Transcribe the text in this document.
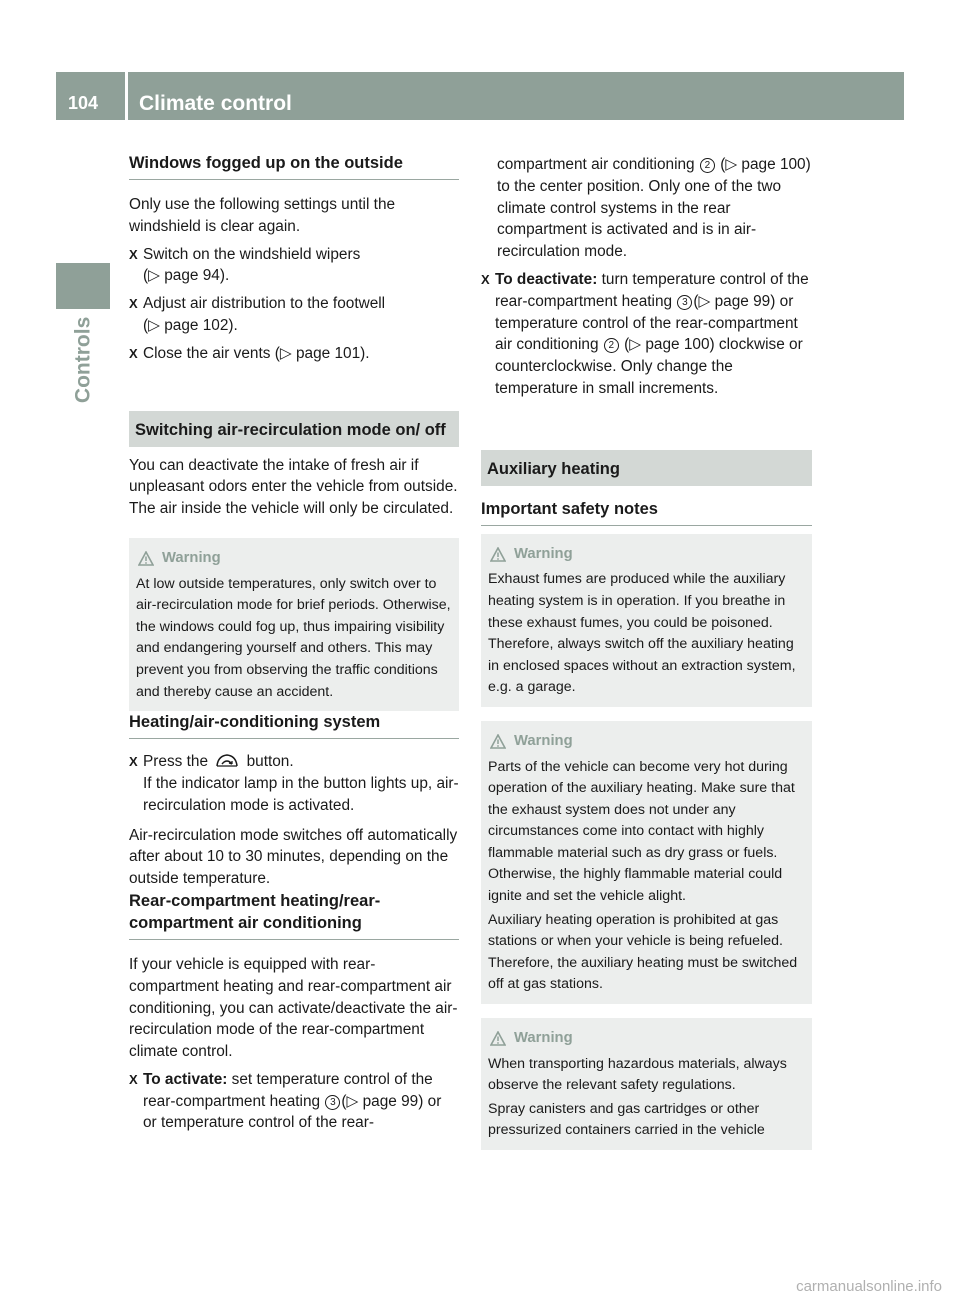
104	Climate control
Controls
Windows fogged up on the outside

Only use the following settings until the windshield is clear again.

X Switch on the windshield wipers
(▷ page 94).
X Adjust air distribution to the footwell
(▷ page 102).
X Close the air vents (▷ page 101).
Switching air-recirculation mode on/ off

You can deactivate the intake of fresh air if unpleasant odors enter the vehicle from outside. The air inside the vehicle will only be circulated.

Warning

At low outside temperatures, only switch over to air-recirculation mode for brief periods. Otherwise, the windows could fog up, thus impairing visibility and endangering yourself and others. This may prevent you from observing the traffic conditions and thereby cause an accident.

Heating/air-conditioning system
X Press the	button.
If the indicator lamp in the button lights up, air-recirculation mode is activated.

Air-recirculation mode switches off automatically after about 10 to 30 minutes, depending on the outside temperature.

Rear-compartment heating/rear-compartment air conditioning

If your vehicle is equipped with rear-compartment heating and rear-compartment air conditioning, you can activate/deactivate the air-recirculation mode of the rear-compartment climate control.

X To activate: set temperature control of the rear-compartment heating 3 (▷ page 99) or or temperature control of the rear-
compartment air conditioning 2 (▷ page 100) to the center position. Only one of the two climate control systems in the rear compartment is activated and is in air-recirculation mode.
X To deactivate: turn temperature control of the rear-compartment heating 3 (▷ page 99) or temperature control of the rear-compartment air conditioning 2 (▷ page 100) clockwise or counterclockwise. Only change the temperature in small increments.
Auxiliary heating
Important safety notes
Warning

Exhaust fumes are produced while the auxiliary heating system is in operation. If you breathe in these exhaust fumes, you could be poisoned. Therefore, always switch off the auxiliary heating in enclosed spaces without an extraction system, e.g. a garage.

Warning

Parts of the vehicle can become very hot during operation of the auxiliary heating. Make sure that the exhaust system does not under any circumstances come into contact with highly flammable material such as dry grass or fuels. Otherwise, the highly flammable material could ignite and set the vehicle alight.

Auxiliary heating operation is prohibited at gas stations or when your vehicle is being refueled. Therefore, the auxiliary heating must be switched off at gas stations.

Warning

When transporting hazardous materials, always observe the relevant safety regulations.

Spray canisters and gas cartridges or other pressurized containers carried in the vehicle

carmanualsonline.info
